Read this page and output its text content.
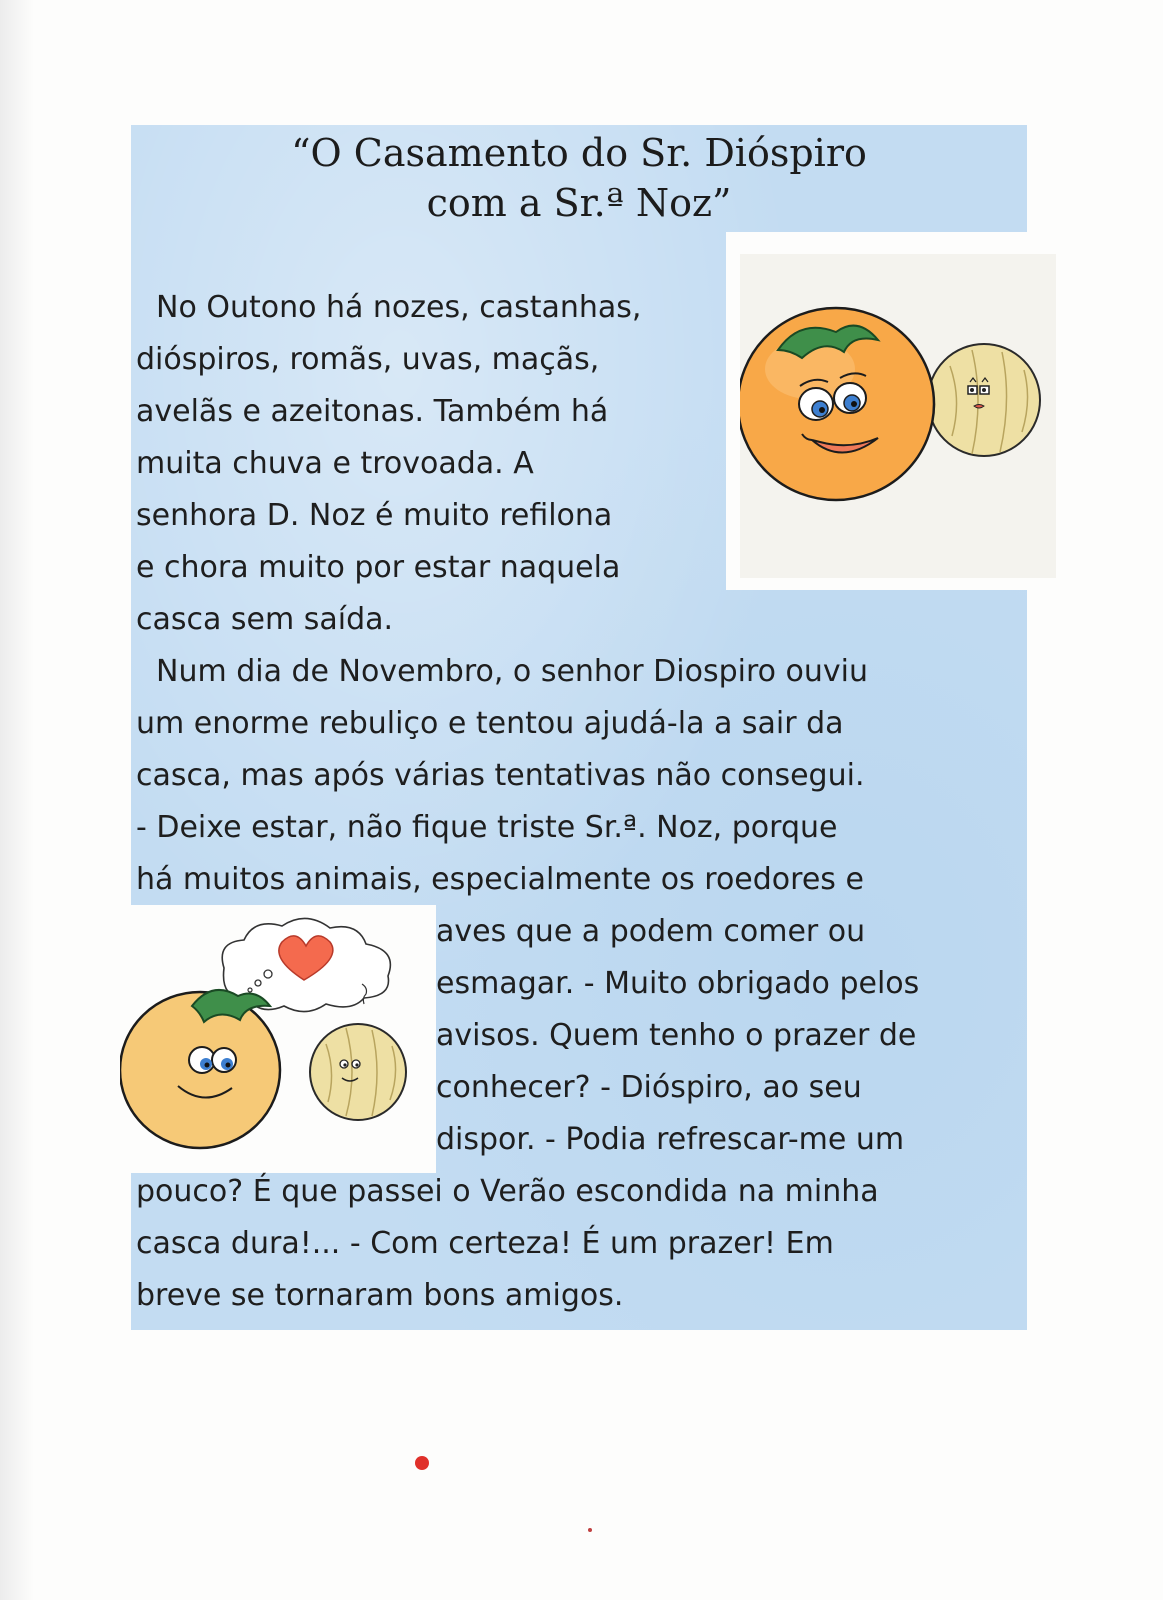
“O Casamento do Sr. Dióspiro
com a Sr.ª Noz”

No Outono há nozes, castanhas,

dióspiros, romãs, uvas, maçãs,

avelãs e azeitonas. Também há

muita chuva e trovoada. A

senhora D. Noz é muito refilona

e chora muito por estar naquela

casca sem saída.

Num dia de Novembro, o senhor Diospiro ouviu

um enorme rebuliço e tentou ajudá-la a sair da

casca, mas após várias tentativas não consegui.

- Deixe estar, não fique triste Sr.ª. Noz, porque

há muitos animais, especialmente os roedores e

aves que a podem comer ou

esmagar. - Muito obrigado pelos

avisos. Quem tenho o prazer de

conhecer? - Dióspiro, ao seu

dispor. - Podia refrescar-me um

pouco? É que passei o Verão escondida na minha

casca dura!... - Com certeza! É um prazer! Em

breve se tornaram bons amigos.
